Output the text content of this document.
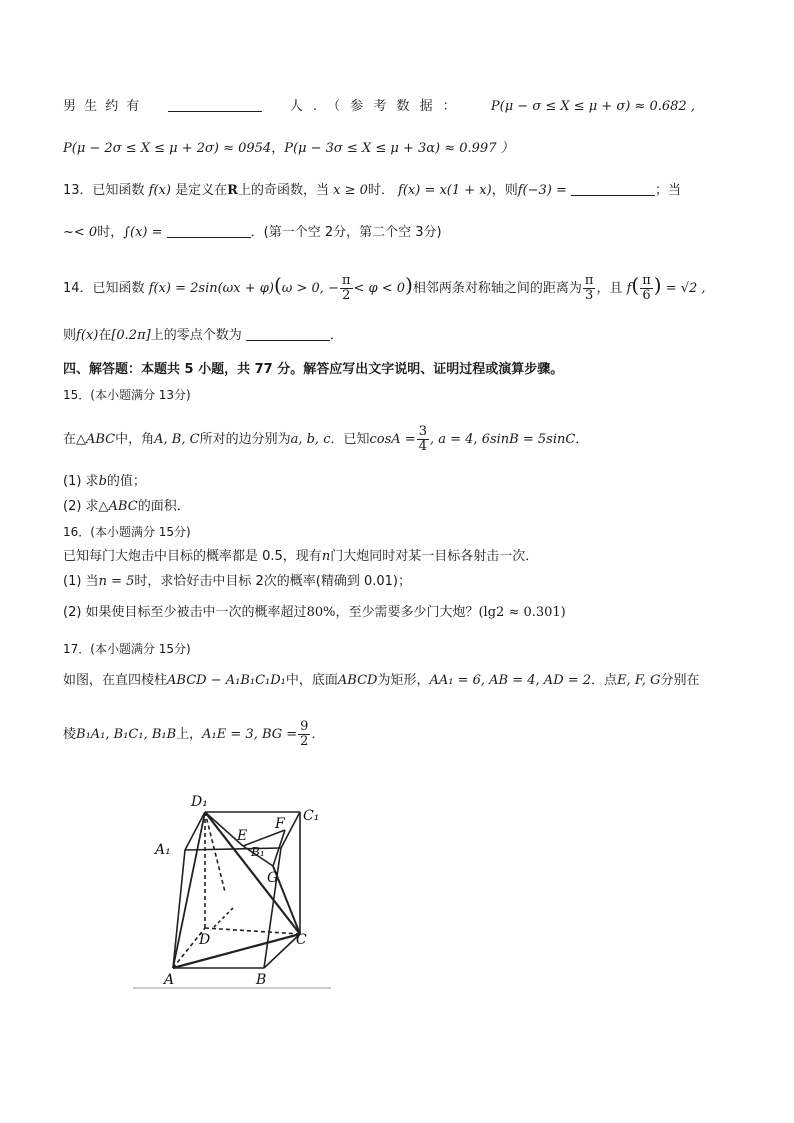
男 生 约 有	人 . （ 参 考 数 据 ： P(μ − σ ≤ X ≤ μ + σ) ≈ 0.682 ,
P(μ − 2σ ≤ X ≤ μ + 2σ) ≈ 0954，P(μ − 3σ ≤ X ≤ μ + 3α) ≈ 0.997 ）
13．已知函数 f(x) 是定义在R上的奇函数，当 x ≥ 0时． f(x) = x(1 + x)，则f(−3) =	；当
~< 0时，∫(x) =	．(第一个空 2分，第二个空 3分)
14．已知函数 f(x) = 2sin(ωx + φ)(ω > 0, − $\frac{\pi}{2} < \varphi < 0$)相邻两条对称轴之间的距离为 $\frac{\pi}{3}$ ，且 $f( \frac{\pi}{6}$ ) = √2 ,
则f(x)在[0.2π]上的零点个数为	．
四、解答题：本题共 5 小题，共 77 分。解答应写出文字说明、证明过程或演算步骤。
15．(本小题满分 13分)
在△ABC中，角A, B, C所对的边分别为a, b, c．已知$\cos A = \frac{3}{4}$ , a = 4, 6sinB = 5sinC．
(1) 求b的值；
(2) 求△ABC的面积．
16．(本小题满分 15分)
已知每门大炮击中目标的概率都是 0.5，现有n门大炮同时对某一目标各射击一次．
(1) 当n = 5时，求恰好击中目标 2次的概率(精确到 0.01)；
(2) 如果使目标至少被击中一次的概率超过80%，至少需要多少门大炮？(lg2 ≈ 0.301)
17．(本小题满分 15分)
如图，在直四棱柱ABCD − A₁B₁C₁D₁中，底面ABCD为矩形，AA₁ = 6, AB = 4, AD = 2．点E, F, G分别在
棱B₁A₁, B₁C₁, B₁B上，A₁E = 3, BG = $\frac{9}{2}$ ．
D₁
C₁
A₁	B₁
E
F
G
D	C
A	B
